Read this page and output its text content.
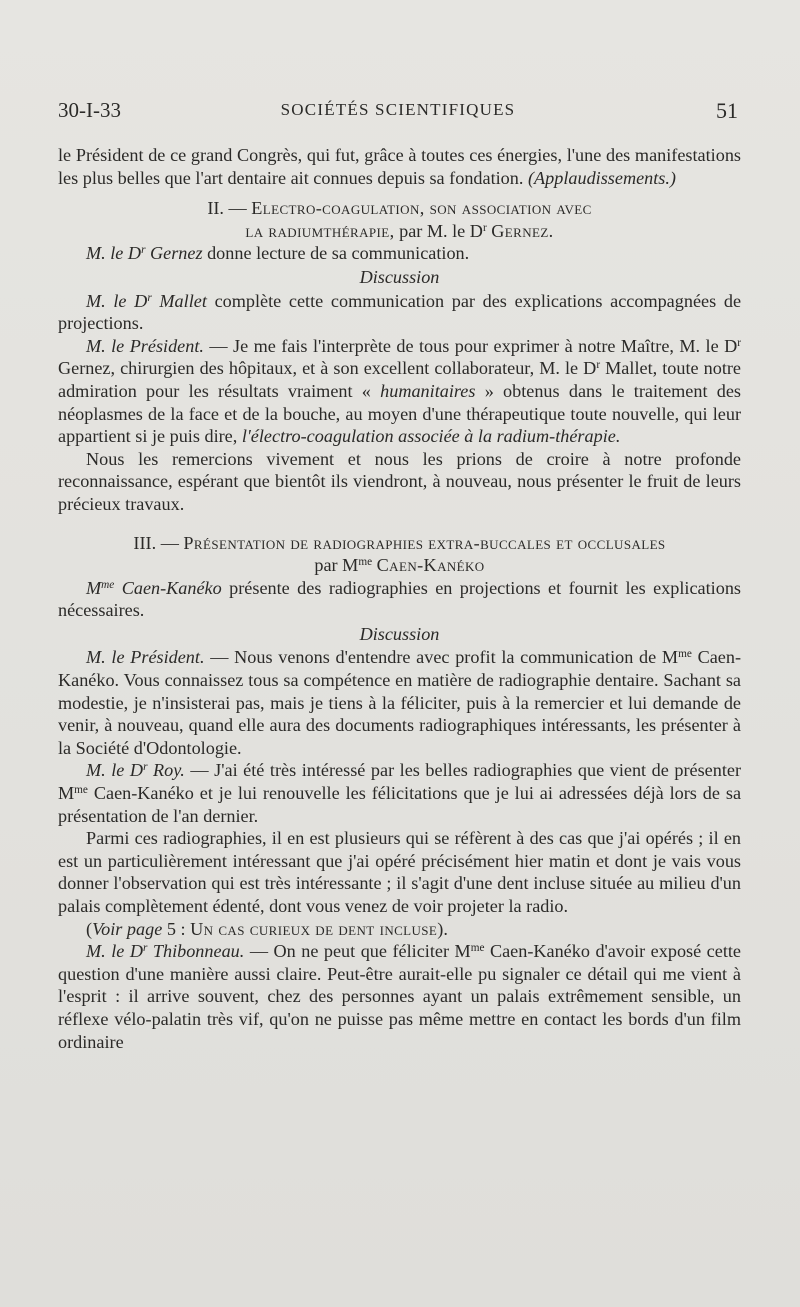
30-I-33	SOCIÉTÉS SCIENTIFIQUES	51

le Président de ce grand Congrès, qui fut, grâce à toutes ces énergies, l'une des manifestations les plus belles que l'art dentaire ait connues depuis sa fondation. (Applaudissements.)

II. — Electro-coagulation, son association avec
la radiumthérapie, par M. le $D^r$ Gernez.

M. le $D^r$ Gernez donne lecture de sa communication.

Discussion

M. le $D^r$ Mallet complète cette communication par des explications accompagnées de projections.

M. le Président. — Je me fais l'interprète de tous pour exprimer à notre Maître, M. le $D^r$ Gernez, chirurgien des hôpitaux, et à son excellent collaborateur, M. le $D^r$ Mallet, toute notre admiration pour les résultats vraiment « humanitaires » obtenus dans le traitement des néoplasmes de la face et de la bouche, au moyen d'une thérapeutique toute nouvelle, qui leur appartient si je puis dire, l'électro-coagulation associée à la radium-thérapie.

Nous les remercions vivement et nous les prions de croire à notre profonde reconnaissance, espérant que bientôt ils viendront, à nouveau, nous présenter le fruit de leurs précieux travaux.

III. — Présentation de radiographies extra-buccales et occlusales
par $M^{me}$ Caen-Kanéko

$M^{me}$ Caen-Kanéko présente des radiographies en projections et fournit les explications nécessaires.

Discussion

M. le Président. — Nous venons d'entendre avec profit la communication de $M^{me}$ Caen-Kanéko. Vous connaissez tous sa compétence en matière de radiographie dentaire. Sachant sa modestie, je n'insisterai pas, mais je tiens à la féliciter, puis à la remercier et lui demande de venir, à nouveau, quand elle aura des documents radiographiques intéressants, les présenter à la Société d'Odontologie.

M. le $D^r$ Roy. — J'ai été très intéressé par les belles radiographies que vient de présenter $M^{me}$ Caen-Kanéko et je lui renouvelle les félicitations que je lui ai adressées déjà lors de sa présentation de l'an dernier.

Parmi ces radiographies, il en est plusieurs qui se réfèrent à des cas que j'ai opérés ; il en est un particulièrement intéressant que j'ai opéré précisément hier matin et dont je vais vous donner l'observation qui est très intéressante ; il s'agit d'une dent incluse située au milieu d'un palais complètement édenté, dont vous venez de voir projeter la radio.

(Voir page 5 : Un cas curieux de dent incluse).

M. le $D^r$ Thibonneau. — On ne peut que féliciter $M^{me}$ Caen-Kanéko d'avoir exposé cette question d'une manière aussi claire. Peut-être aurait-elle pu signaler ce détail qui me vient à l'esprit : il arrive souvent, chez des personnes ayant un palais extrêmement sensible, un réflexe vélo-palatin très vif, qu'on ne puisse pas même mettre en contact les bords d'un film ordinaire
